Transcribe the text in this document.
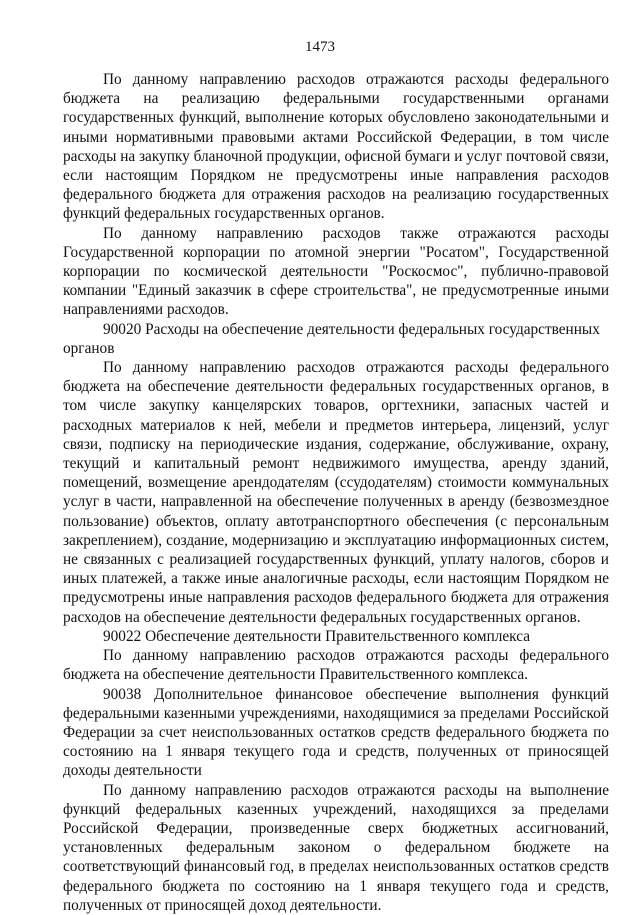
1473

По данному направлению расходов отражаются расходы федерального бюджета на реализацию федеральными государственными органами государственных функций, выполнение которых обусловлено законодательными и иными нормативными правовыми актами Российской Федерации, в том числе расходы на закупку бланочной продукции, офисной бумаги и услуг почтовой связи, если настоящим Порядком не предусмотрены иные направления расходов федерального бюджета для отражения расходов на реализацию государственных функций федеральных государственных органов.

По данному направлению расходов также отражаются расходы Государственной корпорации по атомной энергии "Росатом", Государственной корпорации по космической деятельности "Роскосмос", публично-правовой компании "Единый заказчик в сфере строительства", не предусмотренные иными направлениями расходов.

90020 Расходы на обеспечение деятельности федеральных государственных органов

По данному направлению расходов отражаются расходы федерального бюджета на обеспечение деятельности федеральных государственных органов, в том числе закупку канцелярских товаров, оргтехники, запасных частей и расходных материалов к ней, мебели и предметов интерьера, лицензий, услуг связи, подписку на периодические издания, содержание, обслуживание, охрану, текущий и капитальный ремонт недвижимого имущества, аренду зданий, помещений, возмещение арендодателям (ссудодателям) стоимости коммунальных услуг в части, направленной на обеспечение полученных в аренду (безвозмездное пользование) объектов, оплату автотранспортного обеспечения (с персональным закреплением), создание, модернизацию и эксплуатацию информационных систем, не связанных с реализацией государственных функций, уплату налогов, сборов и иных платежей, а также иные аналогичные расходы, если настоящим Порядком не предусмотрены иные направления расходов федерального бюджета для отражения расходов на обеспечение деятельности федеральных государственных органов.

90022 Обеспечение деятельности Правительственного комплекса

По данному направлению расходов отражаются расходы федерального бюджета на обеспечение деятельности Правительственного комплекса.

90038 Дополнительное финансовое обеспечение выполнения функций федеральными казенными учреждениями, находящимися за пределами Российской Федерации за счет неиспользованных остатков средств федерального бюджета по состоянию на 1 января текущего года и средств, полученных от приносящей доходы деятельности

По данному направлению расходов отражаются расходы на выполнение функций федеральных казенных учреждений, находящихся за пределами Российской Федерации, произведенные сверх бюджетных ассигнований, установленных федеральным законом о федеральном бюджете на соответствующий финансовый год, в пределах неиспользованных остатков средств федерального бюджета по состоянию на 1 января текущего года и средств, полученных от приносящей доход деятельности.
